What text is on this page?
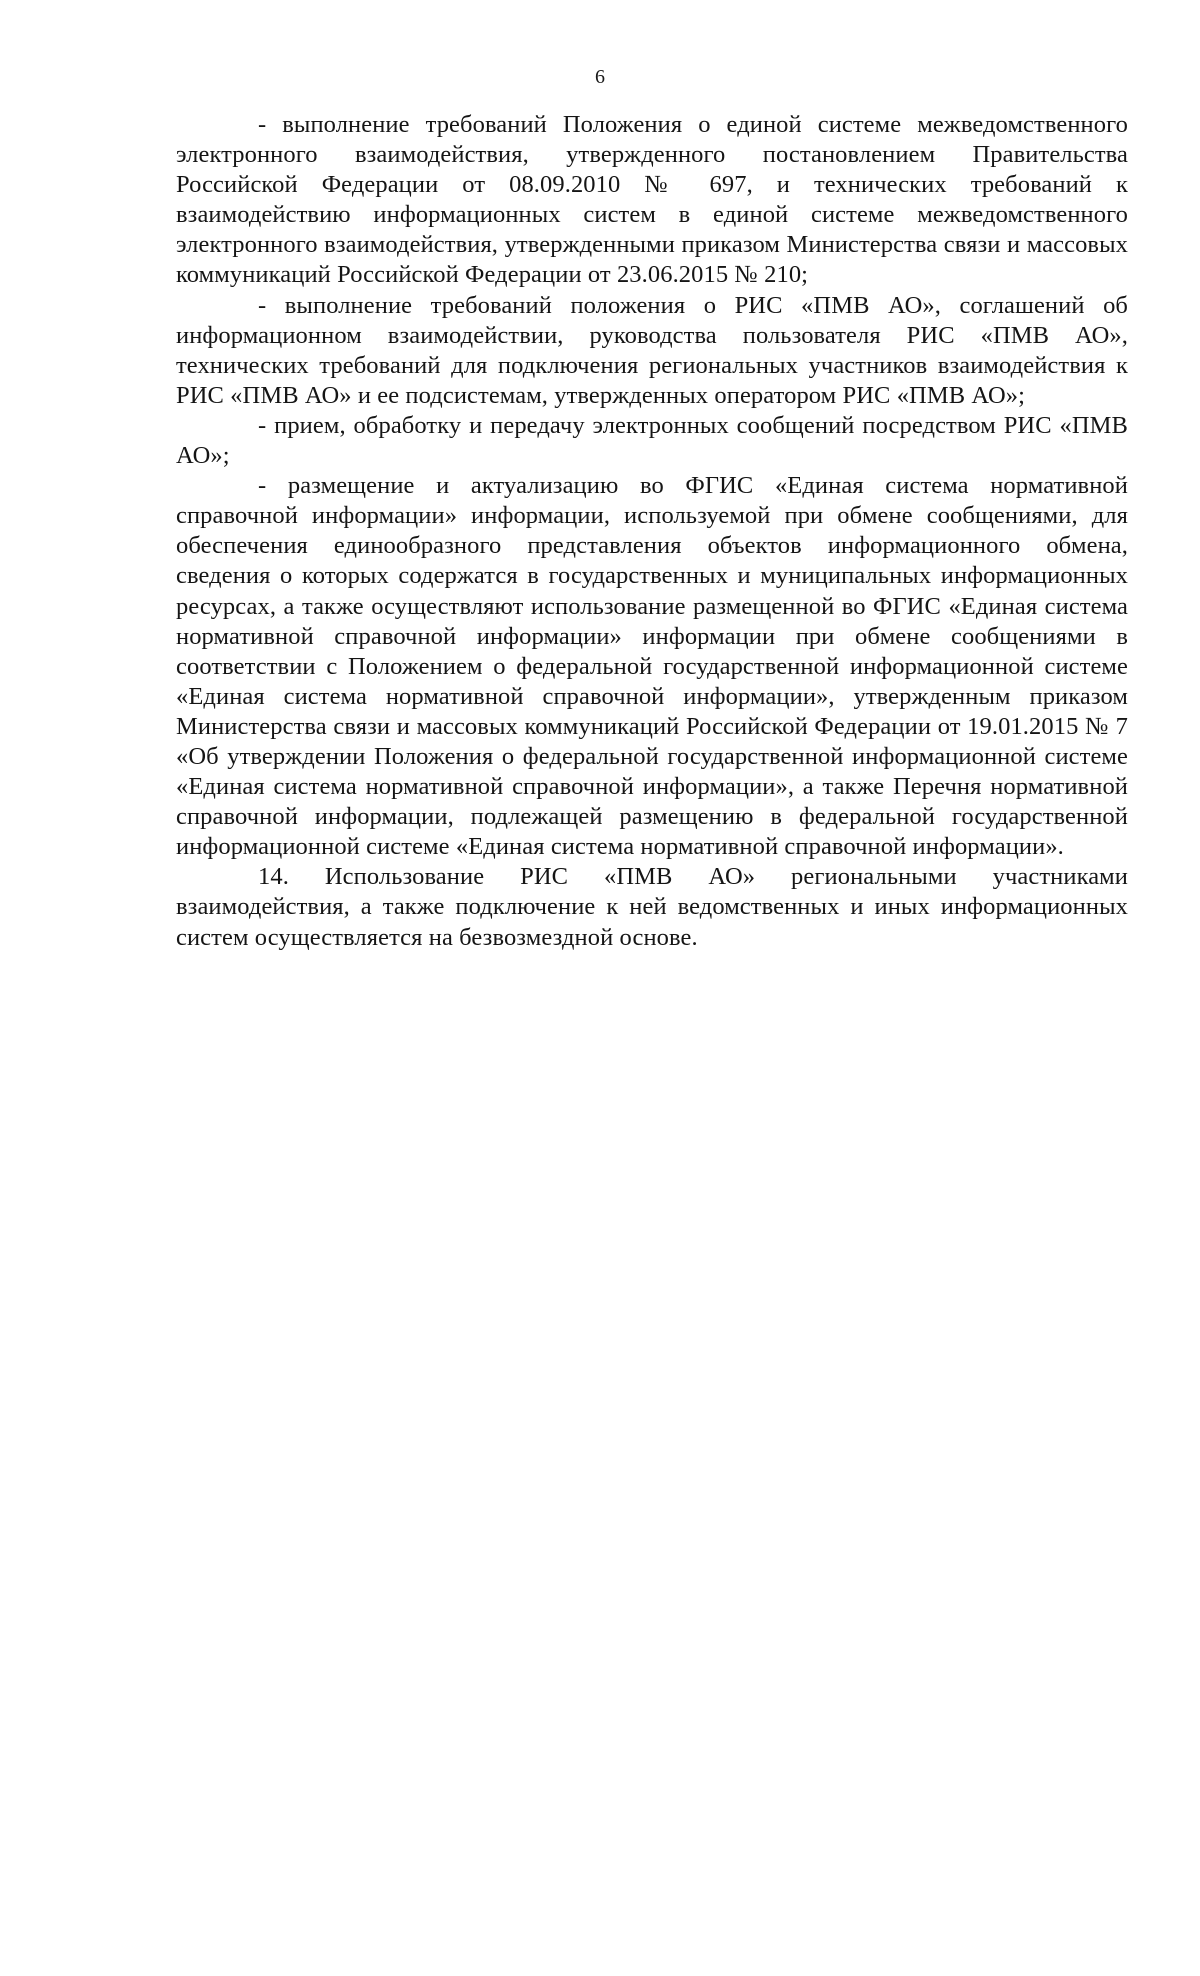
6

- выполнение требований Положения о единой системе межведомственного электронного взаимодействия, утвержденного постановлением Правительства Российской Федерации от 08.09.2010 № 697, и технических требований к взаимодействию информационных систем в единой системе межведомственного электронного взаимодействия, утвержденными приказом Министерства связи и массовых коммуникаций Российской Федерации от 23.06.2015 № 210;

- выполнение требований положения о РИС «ПМВ АО», соглашений об информационном взаимодействии, руководства пользователя РИС «ПМВ АО», технических требований для подключения региональных участников взаимодействия к РИС «ПМВ АО» и ее подсистемам, утвержденных оператором РИС «ПМВ АО»;

- прием, обработку и передачу электронных сообщений посредством РИС «ПМВ АО»;

- размещение и актуализацию во ФГИС «Единая система нормативной справочной информации» информации, используемой при обмене сообщениями, для обеспечения единообразного представления объектов информационного обмена, сведения о которых содержатся в государственных и муниципальных информационных ресурсах, а также осуществляют использование размещенной во ФГИС «Единая система нормативной справочной информации» информации при обмене сообщениями в соответствии с Положением о федеральной государственной информационной системе «Единая система нормативной справочной информации», утвержденным приказом Министерства связи и массовых коммуникаций Российской Федерации от 19.01.2015 № 7 «Об утверждении Положения о федеральной государственной информационной системе «Единая система нормативной справочной информации», а также Перечня нормативной справочной информации, подлежащей размещению в федеральной государственной информационной системе «Единая система нормативной справочной информации».

14. Использование РИС «ПМВ АО» региональными участниками взаимодействия, а также подключение к ней ведомственных и иных информационных систем осуществляется на безвозмездной основе.
